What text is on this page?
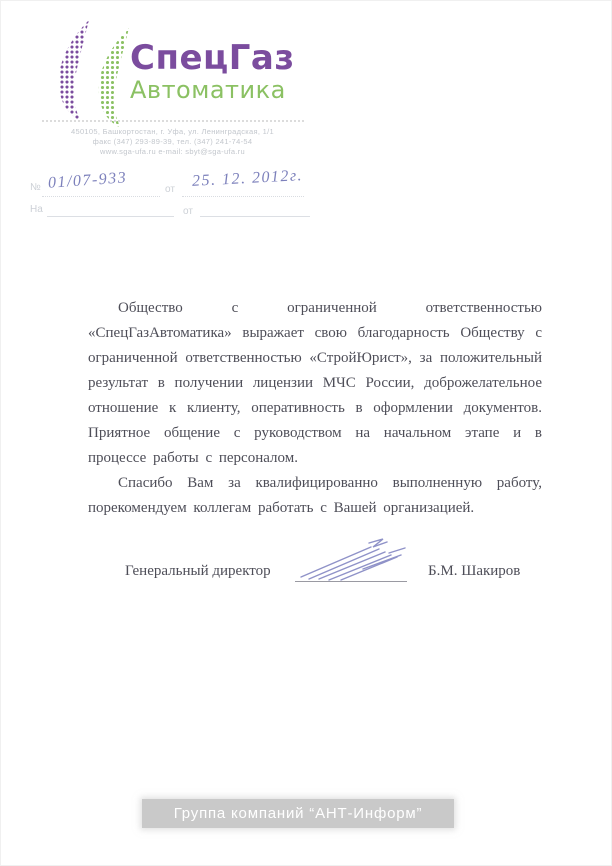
СпецГаз
Автоматика
450105, Башкортостан, г. Уфа, ул. Ленинградская, 1/1
факс (347) 293-89-39, тел. (347) 241-74-54
www.sga-ufa.ru e-mail: sbyt@sga-ufa.ru
№ 01/07-933	от 25. 12. 2012г.
На	от

Общество с ограниченной ответственностью «СпецГазАвтоматика» выражает свою благодарность Обществу с ограниченной ответственностью «СтройЮрист», за положительный результат в получении лицензии МЧС России, доброжелательное отношение к клиенту, оперативность в оформлении документов. Приятное общение с руководством на начальном этапе и в процессе работы с персоналом.

Спасибо Вам за квалифицированно выполненную работу, порекомендуем коллегам работать с Вашей организацией.

Генеральный директор	Б.М. Шакиров
Группа компаний “АНТ-Информ”
